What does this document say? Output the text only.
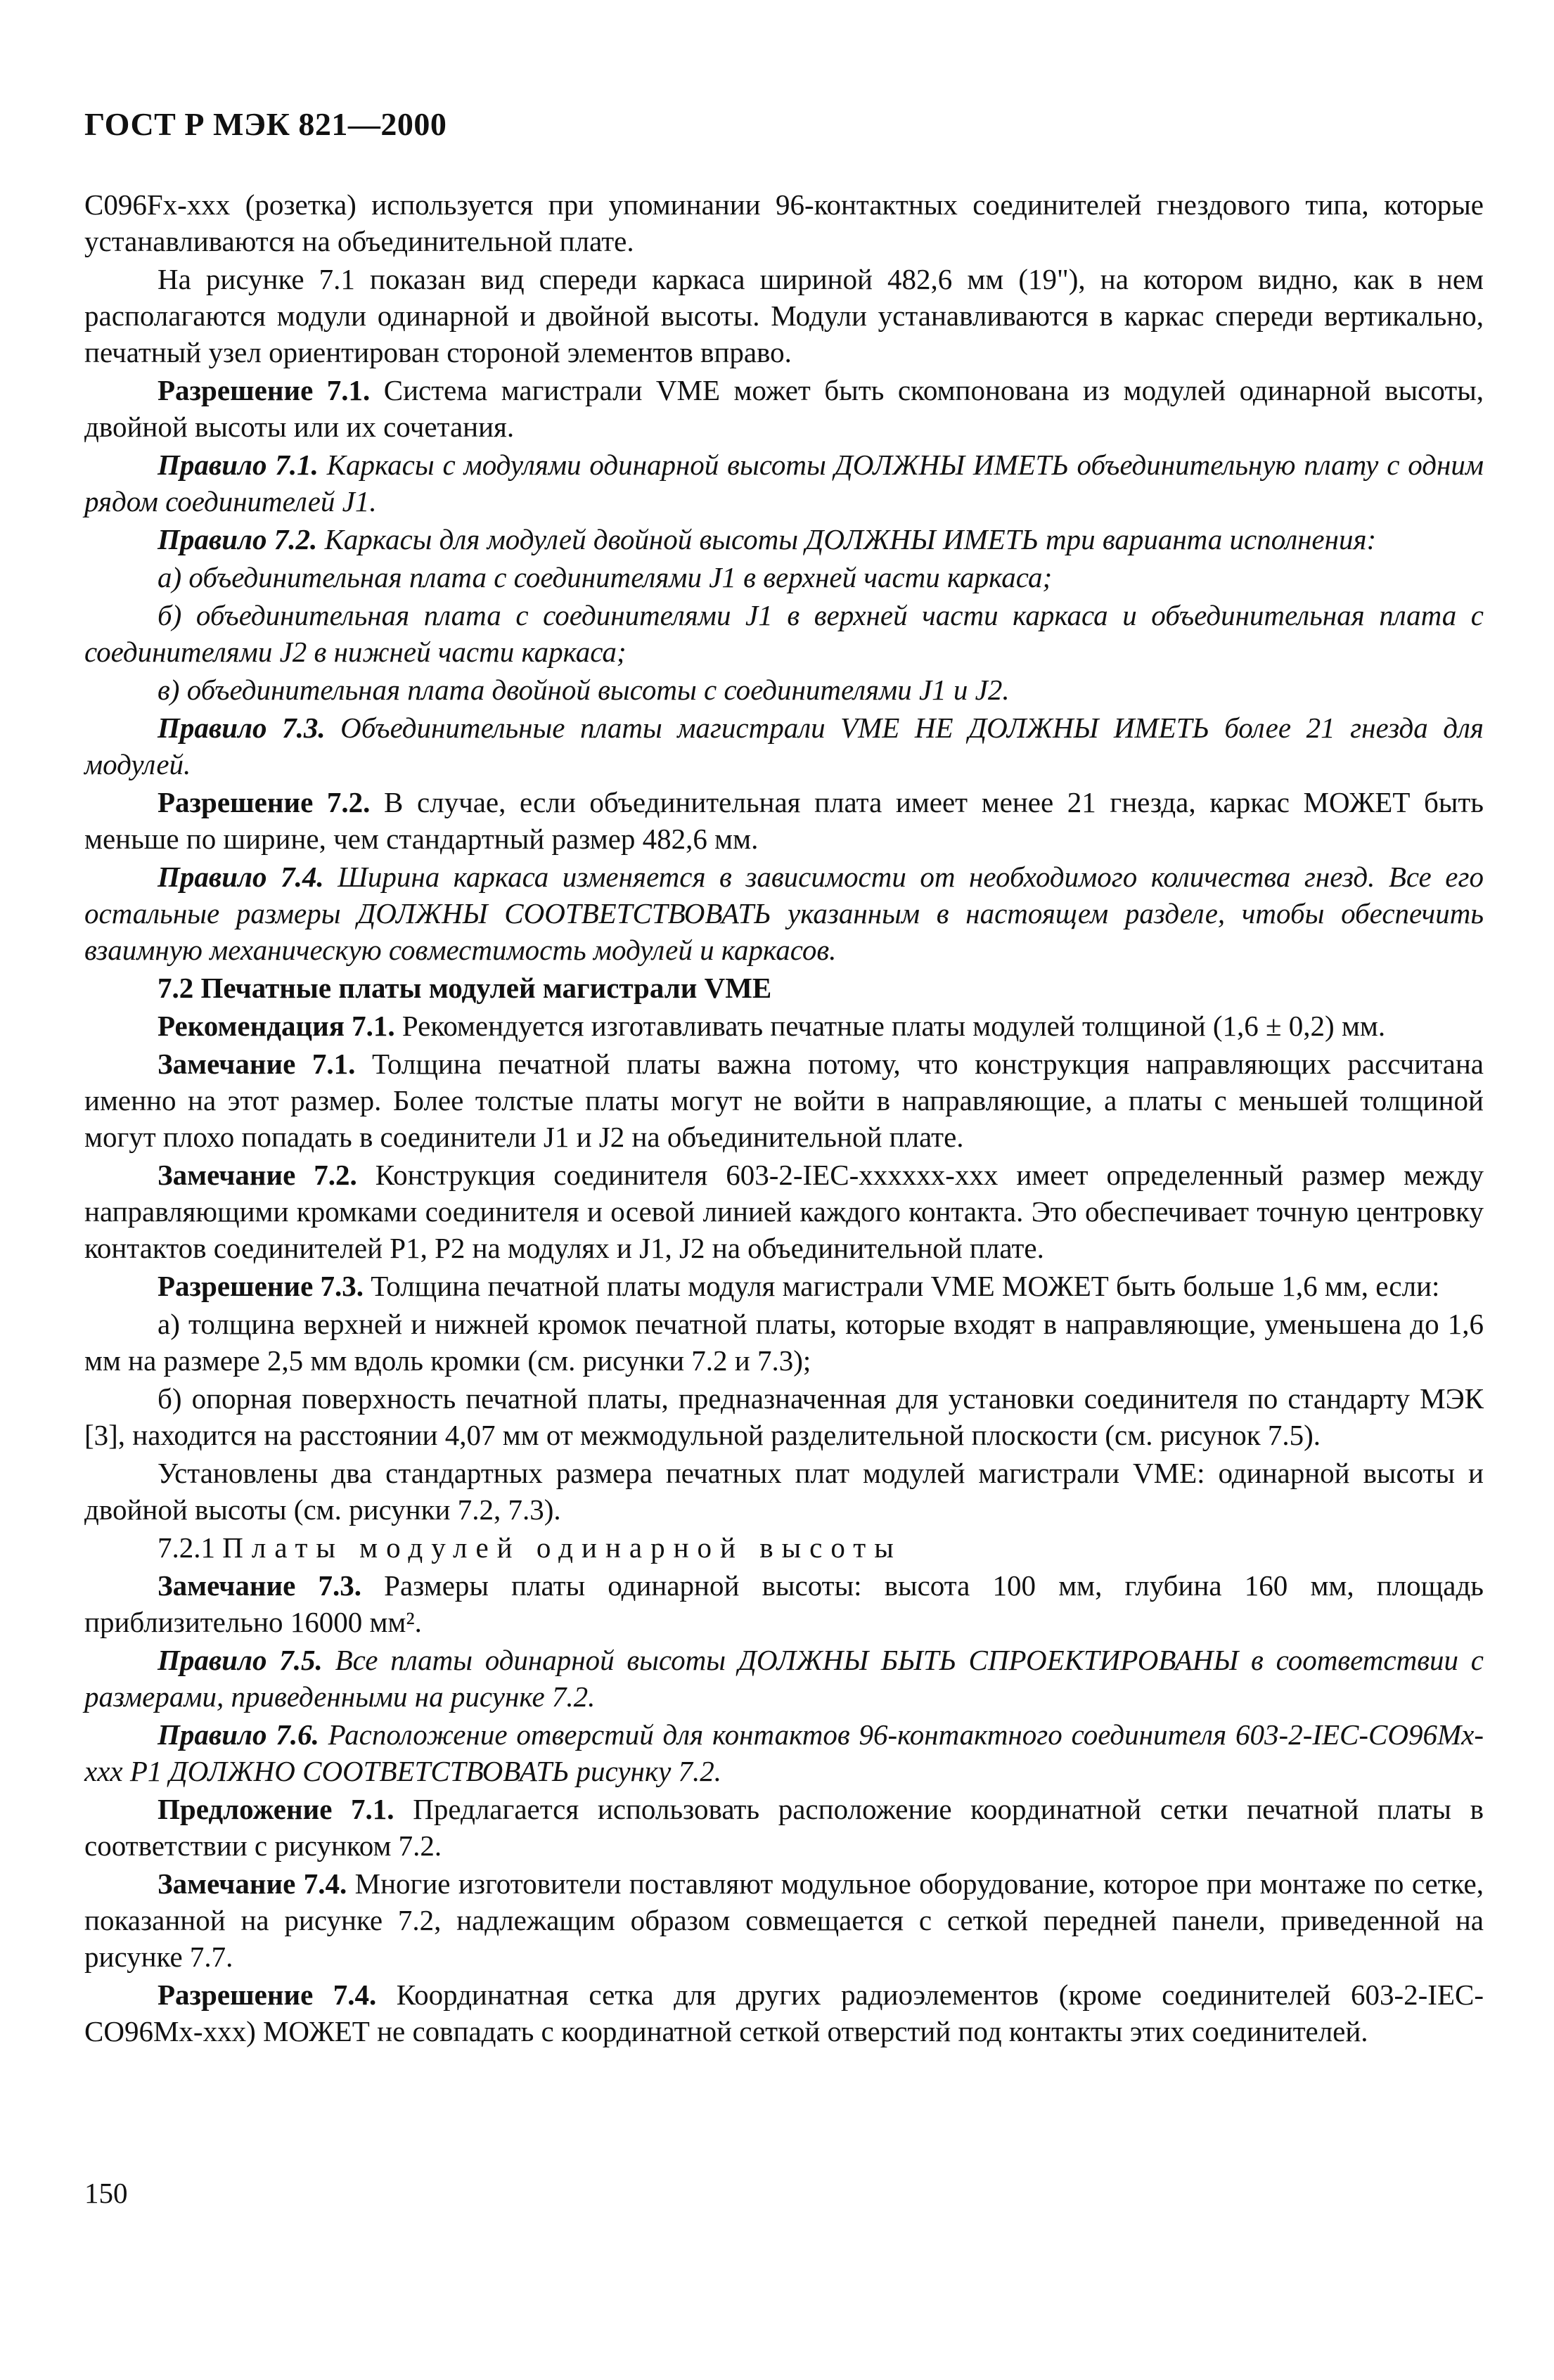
ГОСТ Р МЭК 821—2000

С096Fx-xxx (розетка) используется при упоминании 96-контактных соединителей гнездового типа, которые устанавливаются на объединительной плате.

На рисунке 7.1 показан вид спереди каркаса шириной 482,6 мм (19"), на котором видно, как в нем располагаются модули одинарной и двойной высоты. Модули устанавливаются в каркас спереди вертикально, печатный узел ориентирован стороной элементов вправо.

Разрешение 7.1. Система магистрали VME может быть скомпонована из модулей одинарной высоты, двойной высоты или их сочетания.

Правило 7.1. Каркасы с модулями одинарной высоты ДОЛЖНЫ ИМЕТЬ объединительную плату с одним рядом соединителей J1.

Правило 7.2. Каркасы для модулей двойной высоты ДОЛЖНЫ ИМЕТЬ три варианта исполнения:

а) объединительная плата с соединителями J1 в верхней части каркаса;

б) объединительная плата с соединителями J1 в верхней части каркаса и объединительная плата с соединителями J2 в нижней части каркаса;

в) объединительная плата двойной высоты с соединителями J1 и J2.

Правило 7.3. Объединительные платы магистрали VME НЕ ДОЛЖНЫ ИМЕТЬ более 21 гнезда для модулей.

Разрешение 7.2. В случае, если объединительная плата имеет менее 21 гнезда, каркас МОЖЕТ быть меньше по ширине, чем стандартный размер 482,6 мм.

Правило 7.4. Ширина каркаса изменяется в зависимости от необходимого количества гнезд. Все его остальные размеры ДОЛЖНЫ СООТВЕТСТВОВАТЬ указанным в настоящем разделе, чтобы обеспечить взаимную механическую совместимость модулей и каркасов.

7.2 Печатные платы модулей магистрали VME

Рекомендация 7.1. Рекомендуется изготавливать печатные платы модулей толщиной (1,6 ± 0,2) мм.

Замечание 7.1. Толщина печатной платы важна потому, что конструкция направляющих рассчитана именно на этот размер. Более толстые платы могут не войти в направляющие, а платы с меньшей толщиной могут плохо попадать в соединители J1 и J2 на объединительной плате.

Замечание 7.2. Конструкция соединителя 603-2-IEC-xxxxxx-xxx имеет определенный размер между направляющими кромками соединителя и осевой линией каждого контакта. Это обеспечивает точную центровку контактов соединителей P1, P2 на модулях и J1, J2 на объединительной плате.

Разрешение 7.3. Толщина печатной платы модуля магистрали VME МОЖЕТ быть больше 1,6 мм, если:

а) толщина верхней и нижней кромок печатной платы, которые входят в направляющие, уменьшена до 1,6 мм на размере 2,5 мм вдоль кромки (см. рисунки 7.2 и 7.3);

б) опорная поверхность печатной платы, предназначенная для установки соединителя по стандарту МЭК [3], находится на расстоянии 4,07 мм от межмодульной разделительной плоскости (см. рисунок 7.5).

Установлены два стандартных размера печатных плат модулей магистрали VME: одинарной высоты и двойной высоты (см. рисунки 7.2, 7.3).

7.2.1 Платы модулей одинарной высоты

Замечание 7.3. Размеры платы одинарной высоты: высота 100 мм, глубина 160 мм, площадь приблизительно 16000 мм².

Правило 7.5. Все платы одинарной высоты ДОЛЖНЫ БЫТЬ СПРОЕКТИРОВАНЫ в соответствии с размерами, приведенными на рисунке 7.2.

Правило 7.6. Расположение отверстий для контактов 96-контактного соединителя 603-2-IEC-CO96Mx-xxx P1 ДОЛЖНО СООТВЕТСТВОВАТЬ рисунку 7.2.

Предложение 7.1. Предлагается использовать расположение координатной сетки печатной платы в соответствии с рисунком 7.2.

Замечание 7.4. Многие изготовители поставляют модульное оборудование, которое при монтаже по сетке, показанной на рисунке 7.2, надлежащим образом совмещается с сеткой передней панели, приведенной на рисунке 7.7.

Разрешение 7.4. Координатная сетка для других радиоэлементов (кроме соединителей 603-2-IEC-CO96Mx-xxx) МОЖЕТ не совпадать с координатной сеткой отверстий под контакты этих соединителей.

150
